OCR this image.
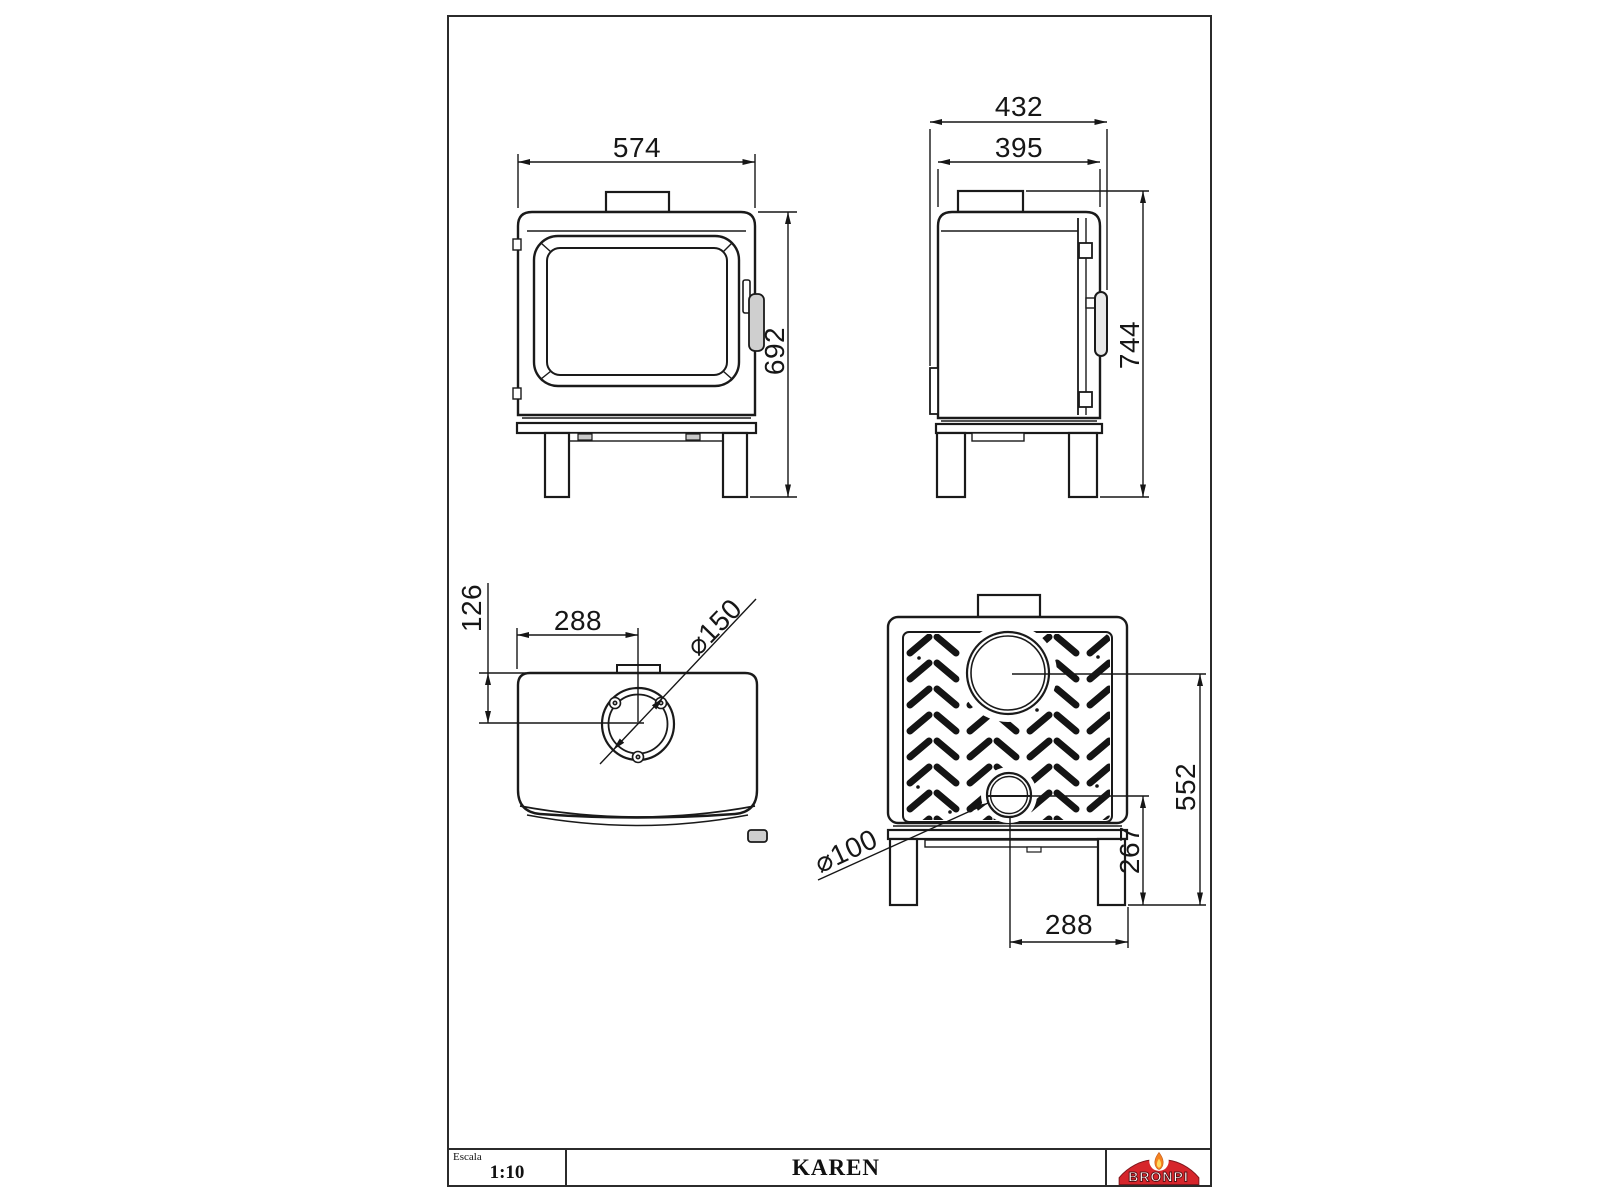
574
692
432
395
744
126 288	⌀150
552
267
288
⌀100
Escala
1:10	KAREN	BRONPI
